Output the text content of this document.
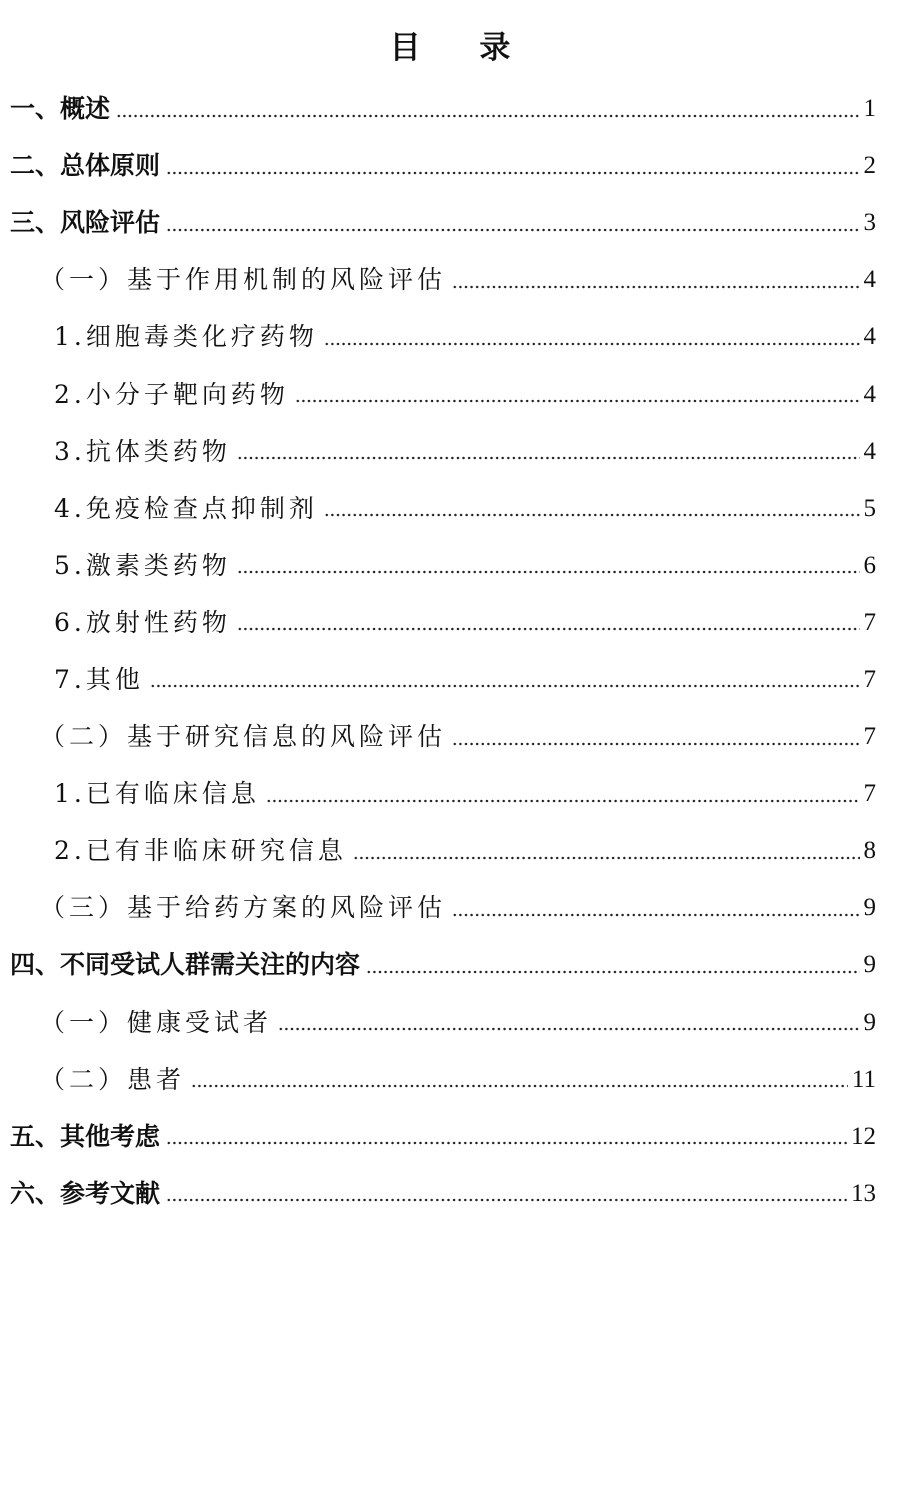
目 录
一、概述	1
二、总体原则	2
三、风险评估	3
（一）基于作用机制的风险评估	4
1.细胞毒类化疗药物	4
2.小分子靶向药物	4
3.抗体类药物	4
4.免疫检查点抑制剂	5
5.激素类药物	6
6.放射性药物	7
7.其他	7
（二）基于研究信息的风险评估	7
1.已有临床信息	7
2.已有非临床研究信息	8
（三）基于给药方案的风险评估	9
四、不同受试人群需关注的内容	9
（一）健康受试者	9
（二）患者	11
五、其他考虑	12
六、参考文献	13
